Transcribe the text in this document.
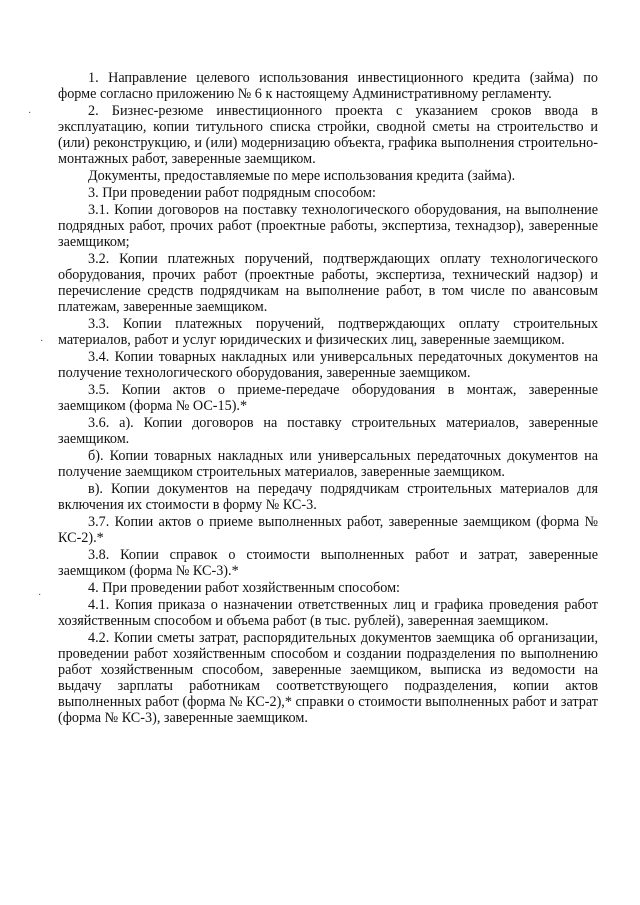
1. Направление целевого использования инвестиционного кредита (займа) по форме согласно приложению № 6 к настоящему Административному регламенту.

2. Бизнес-резюме инвестиционного проекта с указанием сроков ввода в эксплуатацию, копии титульного списка стройки, сводной сметы на строительство и (или) реконструкцию, и (или) модернизацию объекта, графика выполнения строительно-монтажных работ, заверенные заемщиком.

Документы, предоставляемые по мере использования кредита (займа).

3. При проведении работ подрядным способом:

3.1. Копии договоров на поставку технологического оборудования, на выполнение подрядных работ, прочих работ (проектные работы, экспертиза, технадзор), заверенные заемщиком;

3.2. Копии платежных поручений, подтверждающих оплату технологического оборудования, прочих работ (проектные работы, экспертиза, технический надзор) и перечисление средств подрядчикам на выполнение работ, в том числе по авансовым платежам, заверенные заемщиком.

3.3. Копии платежных поручений, подтверждающих оплату строительных материалов, работ и услуг юридических и физических лиц, заверенные заемщиком.

3.4. Копии товарных накладных или универсальных передаточных документов на получение технологического оборудования, заверенные заемщиком.

3.5. Копии актов о приеме-передаче оборудования в монтаж, заверенные заемщиком (форма № ОС-15).*

3.6. а). Копии договоров на поставку строительных материалов, заверенные заемщиком.

б). Копии товарных накладных или универсальных передаточных документов на получение заемщиком строительных материалов, заверенные заемщиком.

в). Копии документов на передачу подрядчикам строительных материалов для включения их стоимости в форму № КС-3.

3.7. Копии актов о приеме выполненных работ, заверенные заемщиком (форма № КС-2).*

3.8. Копии справок о стоимости выполненных работ и затрат, заверенные заемщиком (форма № КС-3).*

4. При проведении работ хозяйственным способом:

4.1. Копия приказа о назначении ответственных лиц и графика проведения работ хозяйственным способом и объема работ (в тыс. рублей), заверенная заемщиком.

4.2. Копии сметы затрат, распорядительных документов заемщика об организации, проведении работ хозяйственным способом и создании подразделения по выполнению работ хозяйственным способом, заверенные заемщиком, выписка из ведомости на выдачу зарплаты работникам соответствующего подразделения, копии актов выполненных работ (форма № КС-2),* справки о стоимости выполненных работ и затрат (форма № КС-3), заверенные заемщиком.

·
·
·
